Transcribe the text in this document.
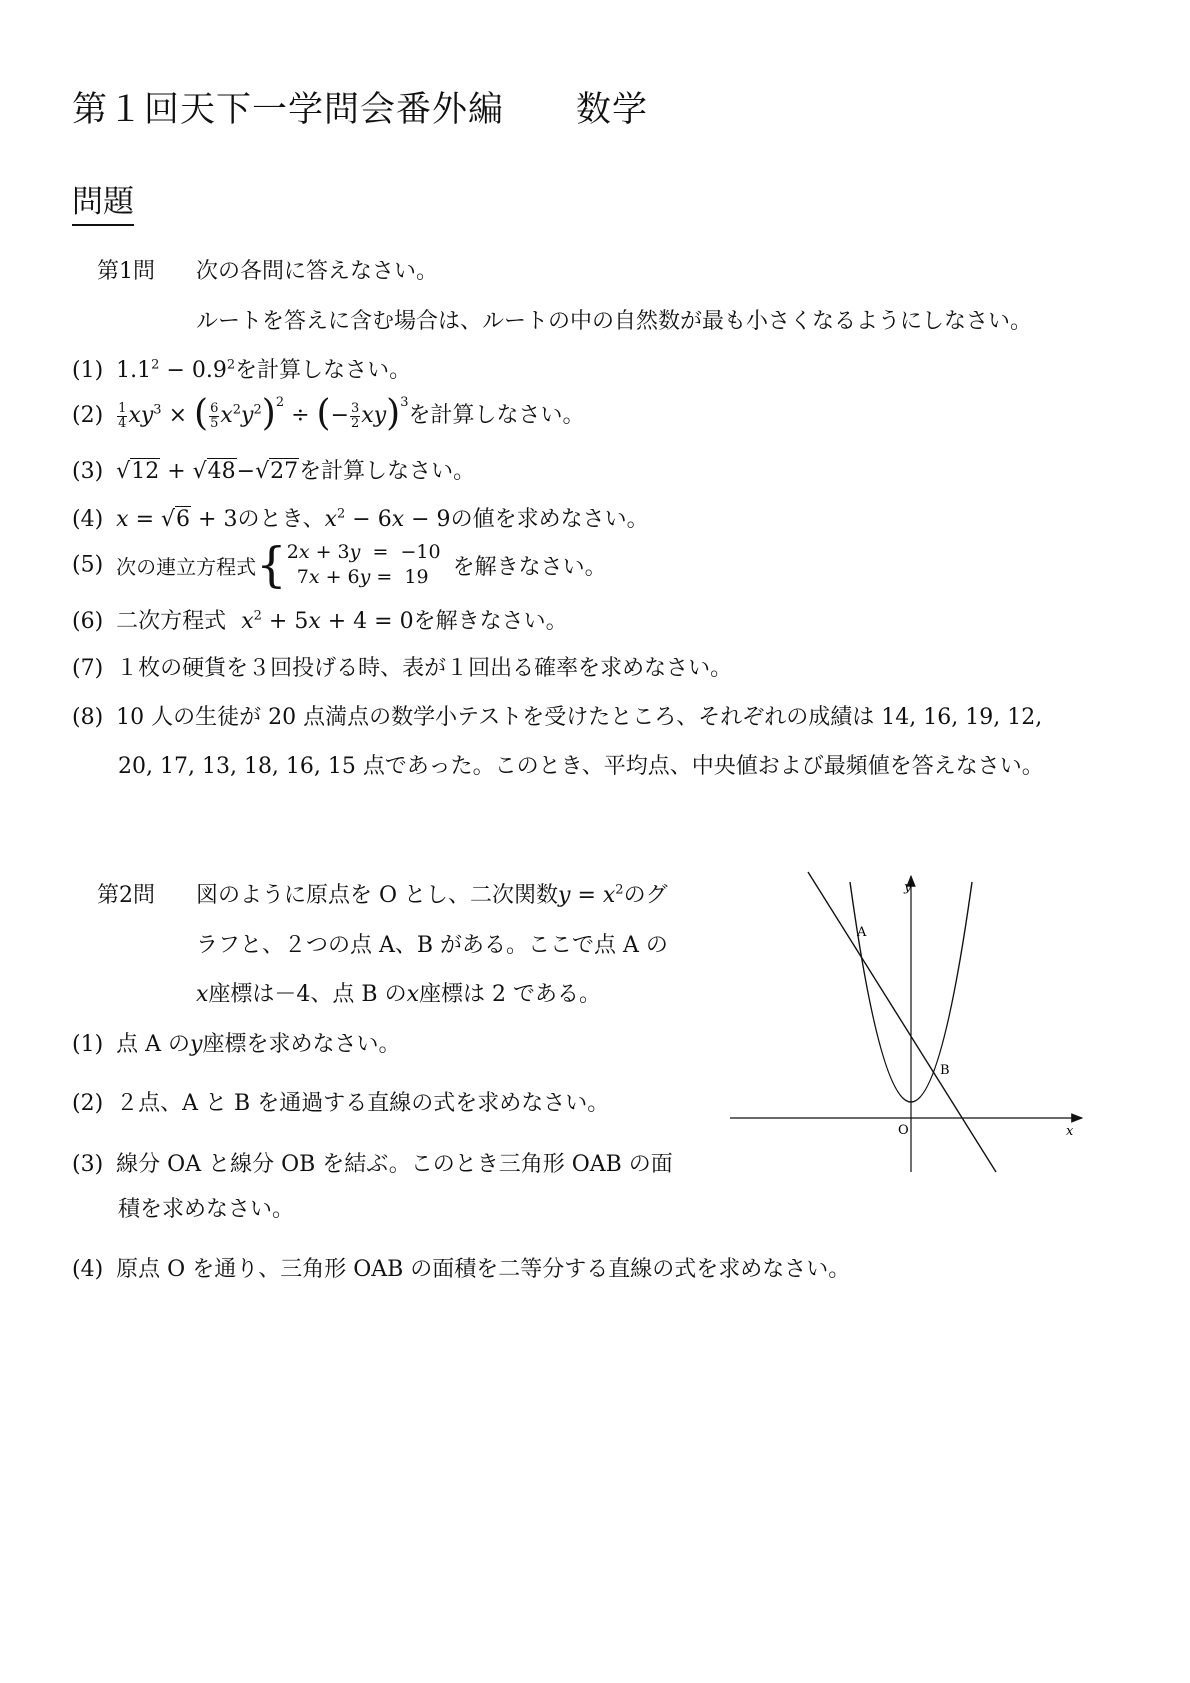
第１回天下一学問会番外編　　数学
問題
第1問 次の各問に答えなさい。
ルートを答えに含む場合は、ルートの中の自然数が最も小さくなるようにしなさい。
(1) $1.1^2 - 0.9^2$を計算しなさい。
$(2) \frac{1}{4} xy^3$ × ( $\frac{6}{5} x^2y^2)^2$ ÷ (− $\frac{3}{2} xy)^3$を計算しなさい。
(3) √12 + √48−√27を計算しなさい。
(4) x = √6 + 3のとき、$x^2 - 6x - 9$の値を求めなさい。
(5) 次の連立方程式{ 2x + 3y  =  −10
7x + 6y =  19	を解きなさい。
(6) 二次方程式 $x^2 + 5x + 4 = 0$を解きなさい。
(7) １枚の硬貨を３回投げる時、表が１回出る確率を求めなさい。
(8) 10 人の生徒が 20 点満点の数学小テストを受けたところ、それぞれの成績は 14, 16, 19, 12,
20, 17, 13, 18, 16, 15 点であった。このとき、平均点、中央値および最頻値を答えなさい。
第2問 図のように原点を O とし、二次関数$y = x^2$のグ
ラフと、２つの点 A、B がある。ここで点 A の
x座標は－4、点 B のx座標は 2 である。
(1) 点 A のy座標を求めなさい。
(2) ２点、A と B を通過する直線の式を求めなさい。
(3) 線分 OA と線分 OB を結ぶ。このとき三角形 OAB の面
積を求めなさい。
(4) 原点 O を通り、三角形 OAB の面積を二等分する直線の式を求めなさい。
y
x
O
A
B
